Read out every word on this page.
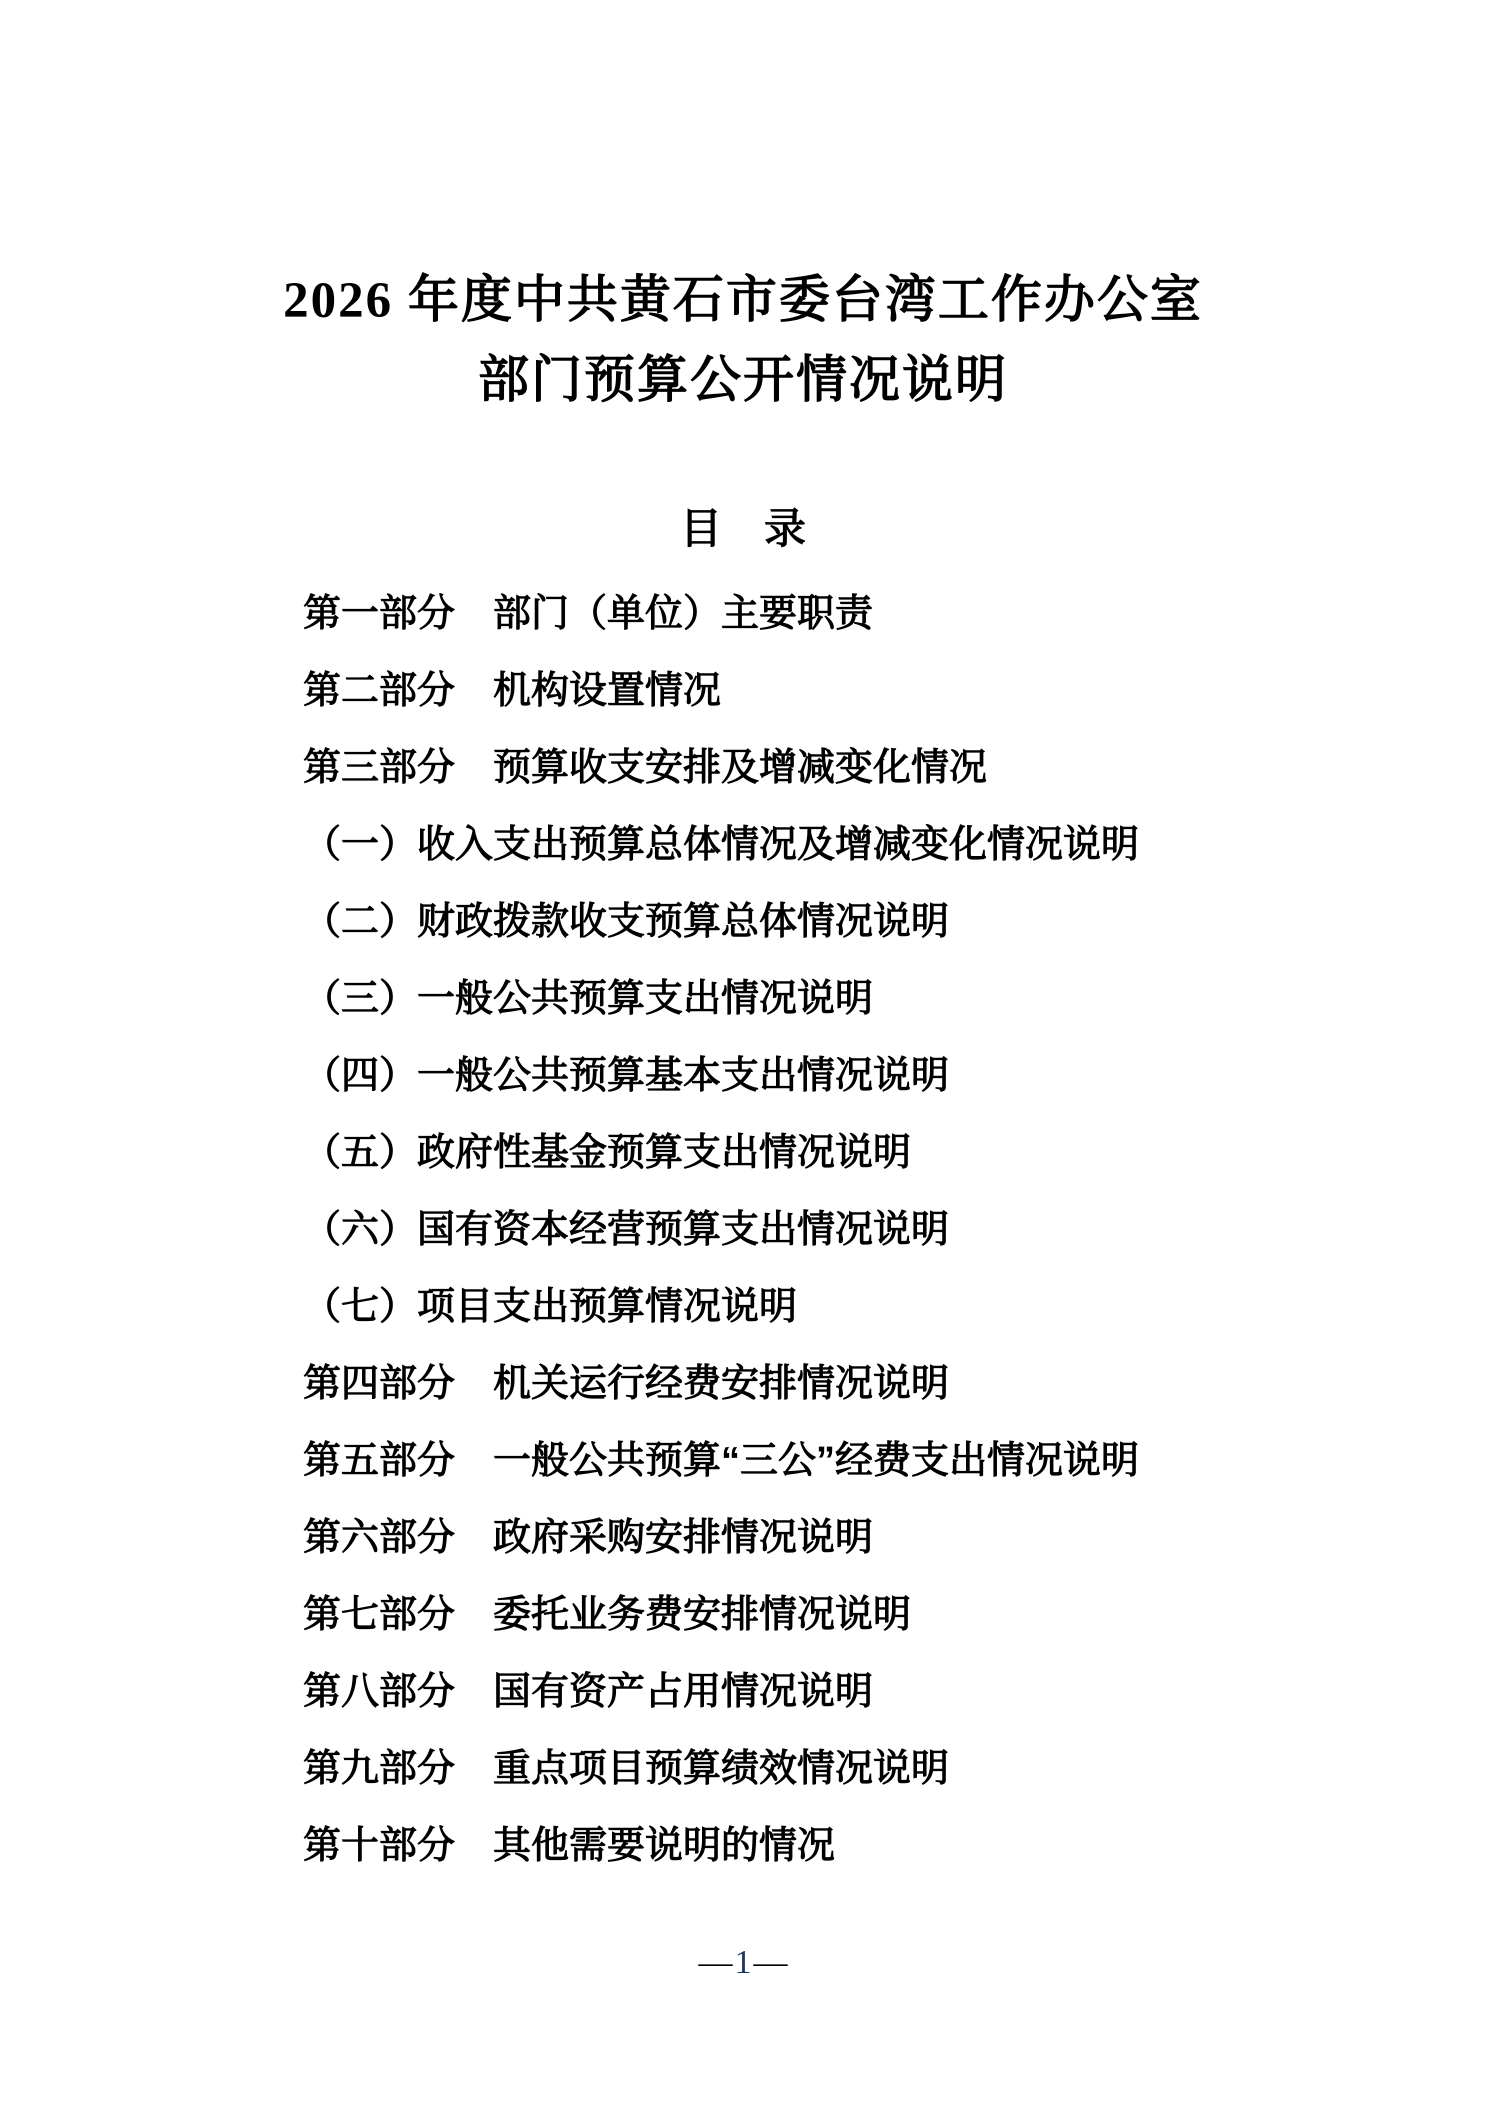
2026 年度中共黄石市委台湾工作办公室
部门预算公开情况说明
目　录
第一部分　部门（单位）主要职责
第二部分　机构设置情况
第三部分　预算收支安排及增减变化情况
（一）收入支出预算总体情况及增减变化情况说明
（二）财政拨款收支预算总体情况说明
（三）一般公共预算支出情况说明
（四）一般公共预算基本支出情况说明
（五）政府性基金预算支出情况说明
（六）国有资本经营预算支出情况说明
（七）项目支出预算情况说明
第四部分　机关运行经费安排情况说明
第五部分　一般公共预算“三公”经费支出情况说明
第六部分　政府采购安排情况说明
第七部分　委托业务费安排情况说明
第八部分　国有资产占用情况说明
第九部分　重点项目预算绩效情况说明
第十部分　其他需要说明的情况
—1—
